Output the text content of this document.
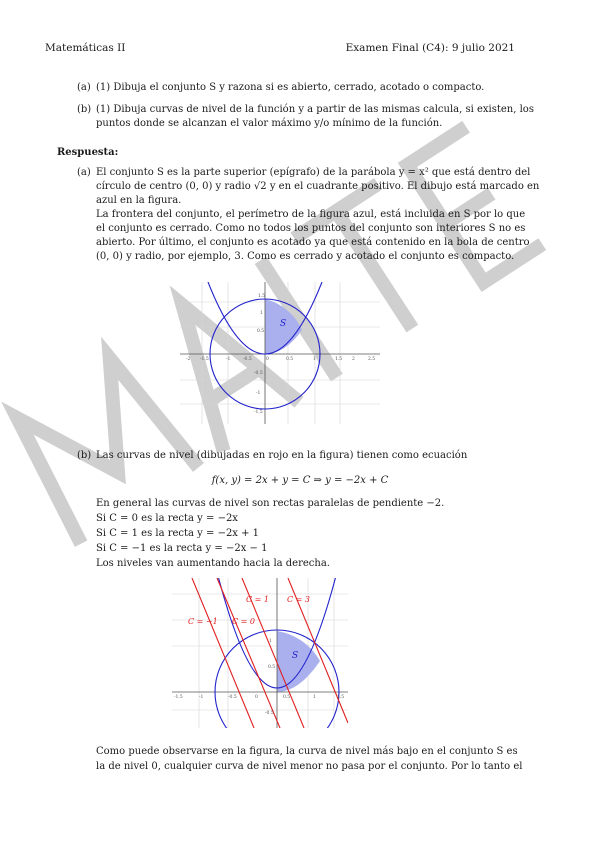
Matemáticas II	Examen Final (C4): 9 julio 2021
(a) (1) Dibuja el conjunto S y razona si es abierto, cerrado, acotado o compacto.
(b) (1) Dibuja curvas de nivel de la función y a partir de las mismas calcula, si existen, los
puntos donde se alcanzan el valor máximo y/o mínimo de la función.
Respuesta:
(a) El conjunto S es la parte superior (epígrafo) de la parábola y = x² que está dentro del
círculo de centro (0, 0) y radio √2 y en el cuadrante positivo. El dibujo está marcado en
azul en la figura.
La frontera del conjunto, el perímetro de la figura azul, está incluida en S por lo que
el conjunto es cerrado. Como no todos los puntos del conjunto son interiores S no es
abierto. Por último, el conjunto es acotado ya que está contenido en la bola de centro
(0, 0) y radio, por ejemplo, 3. Como es cerrado y acotado el conjunto es compacto.
S
-2 -1.5	-1	-0.5	0	0.5	1	1.5 2	2.5
1.5
1
0.5
-0.5
-1
-1.5
(b) Las curvas de nivel (dibujadas en rojo en la figura) tienen como ecuación
f(x, y) = 2x + y = C ⇒ y = −2x + C
En general las curvas de nivel son rectas paralelas de pendiente −2.
Si C = 0 es la recta y = −2x
Si C = 1 es la recta y = −2x + 1
Si C = −1 es la recta y = −2x − 1
Los niveles van aumentando hacia la derecha.
C = −1 C = 0
C = 1 C = 3
S
-1.5	-1	-0.5	0	0.5	1	1.5
1
0.5
-0.5
Como puede observarse en la figura, la curva de nivel más bajo en el conjunto S es
la de nivel 0, cualquier curva de nivel menor no pasa por el conjunto. Por lo tanto el
